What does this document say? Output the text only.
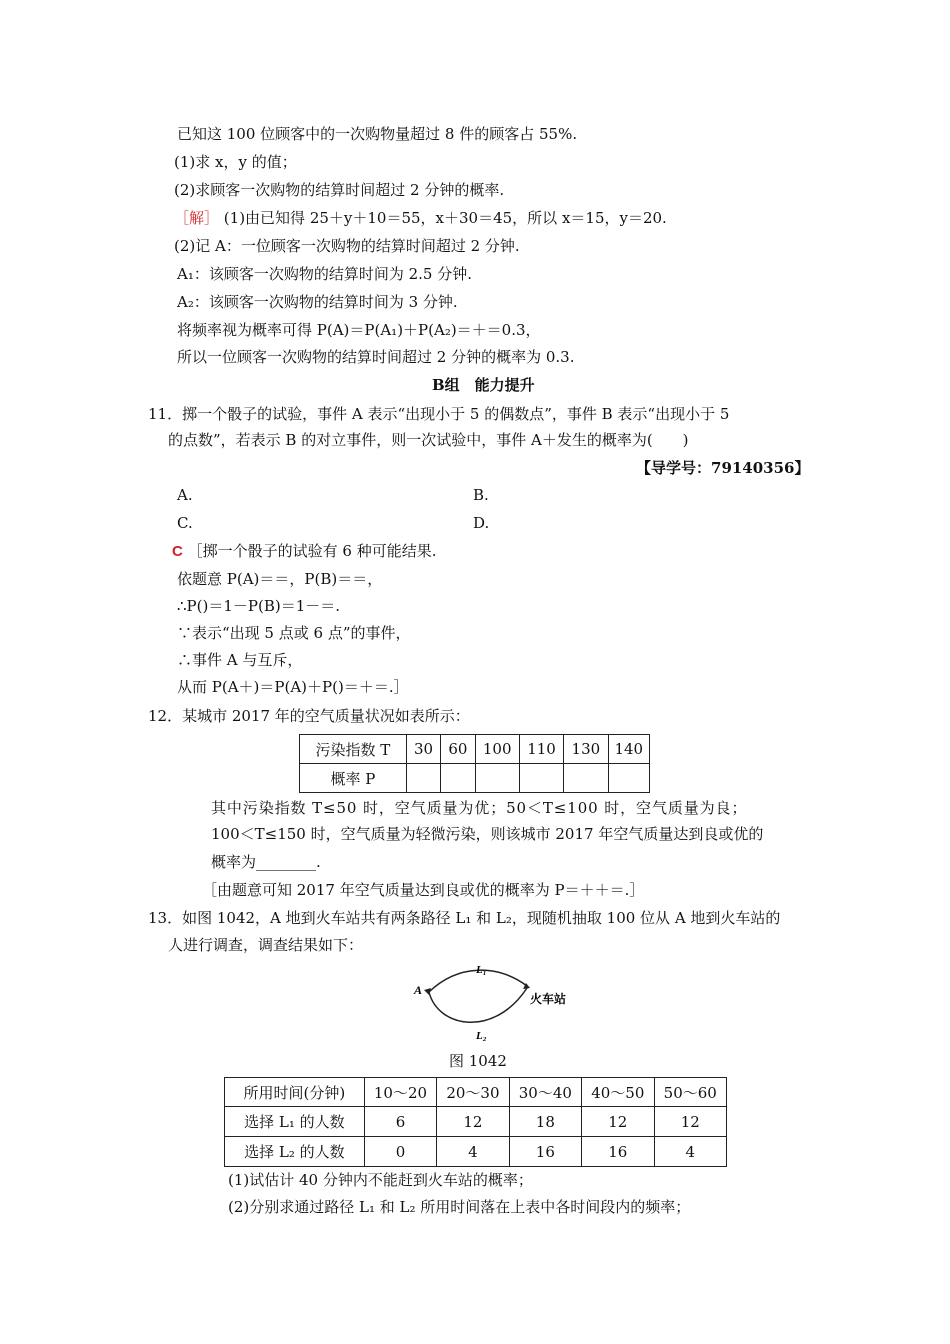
已知这 100 位顾客中的一次购物量超过 8 件的顾客占 55%.
(1)求 x，y 的值；
(2)求顾客一次购物的结算时间超过 2 分钟的概率.
［解］ (1)由已知得 25＋y＋10＝55，x＋30＝45，所以 x＝15，y＝20.
(2)记 A：一位顾客一次购物的结算时间超过 2 分钟.
A₁：该顾客一次购物的结算时间为 2.5 分钟.
A₂：该顾客一次购物的结算时间为 3 分钟.
将频率视为概率可得 P(A)＝P(A₁)＋P(A₂)＝＋＝0.3，
所以一位顾客一次购物的结算时间超过 2 分钟的概率为 0.3.
B组　能力提升
11．掷一个骰子的试验，事件 A 表示“出现小于 5 的偶数点”，事件 B 表示“出现小于 5
的点数”，若表示 B 的对立事件，则一次试验中，事件 A＋发生的概率为(　　)
【导学号：79140356】
A.	B.
C.	D.
C ［掷一个骰子的试验有 6 种可能结果.
依题意 P(A)＝＝，P(B)＝＝，
∴P()＝1－P(B)＝1－＝.
∵表示“出现 5 点或 6 点”的事件，
∴事件 A 与互斥，
从而 P(A＋)＝P(A)＋P()＝＋＝.］
12．某城市 2017 年的空气质量状况如表所示：
污染指数 T	30	60	100	110	130	140
概率 P						
其中污染指数 T≤50 时，空气质量为优；50＜T≤100 时，空气质量为良；
100＜T≤150 时，空气质量为轻微污染，则该城市 2017 年空气质量达到良或优的
概率为________.
［由题意可知 2017 年空气质量达到良或优的概率为 P＝＋＋＝.］
13．如图 1042，A 地到火车站共有两条路径 L₁ 和 L₂，现随机抽取 100 位从 A 地到火车站的
人进行调查，调查结果如下：
A
L₁
L₂
火车站
图 1042
所用时间(分钟)	10～20	20～30	30～40	40～50	50～60
选择 L₁ 的人数	6	12	18	12	12
选择 L₂ 的人数	0	4	16	16	4
(1)试估计 40 分钟内不能赶到火车站的概率；
(2)分别求通过路径 L₁ 和 L₂ 所用时间落在上表中各时间段内的频率；
